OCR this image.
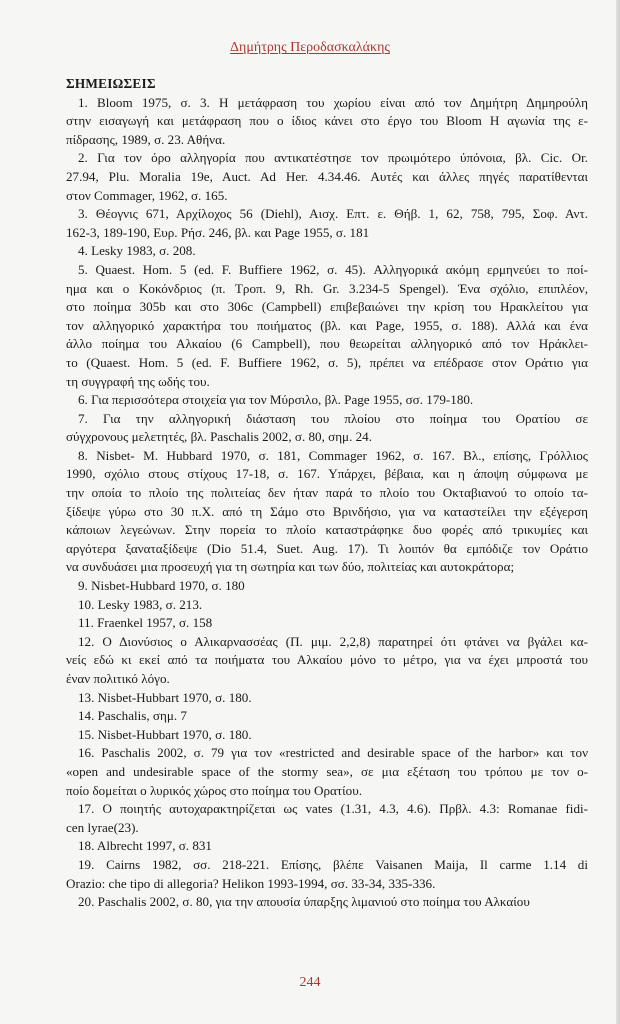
Δημήτρης Περοδασκαλάκης
ΣΗΜΕΙΩΣΕΙΣ
1. Bloom 1975, σ. 3. Η μετάφραση του χωρίου είναι από τον Δημήτρη Δημηρούλη
στην εισαγωγή και μετάφραση που ο ίδιος κάνει στο έργο του Bloom Η αγωνία της ε-
πίδρασης, 1989, σ. 23. Αθήνα.
2. Για τον όρο αλληγορία που αντικατέστησε τον πρωιμότερο ύπόνοια, βλ. Cic. Or.
27.94, Plu. Moralia 19e, Auct. Ad Her. 4.34.46. Αυτές και άλλες πηγές παρατίθενται
στον Commager, 1962, σ. 165.
3. Θέογνις 671, Αρχίλοχος 56 (Diehl), Αισχ. Επτ. ε. Θήβ. 1, 62, 758, 795, Σοφ. Αντ.
162-3, 189-190, Ευρ. Ρήσ. 246, βλ. και Page 1955, σ. 181
4. Lesky 1983, σ. 208.
5. Quaest. Hom. 5 (ed. F. Buffiere 1962, σ. 45). Αλληγορικά ακόμη ερμηνεύει το ποί-
ημα και ο Κοκόνδριος (π. Τροπ. 9, Rh. Gr. 3.234-5 Spengel). Ένα σχόλιο, επιπλέον,
στο ποίημα 305b και στο 306c (Campbell) επιβεβαιώνει την κρίση του Ηρακλείτου για
τον αλληγορικό χαρακτήρα του ποιήματος (βλ. και Page, 1955, σ. 188). Αλλά και ένα
άλλο ποίημα του Αλκαίου (6 Campbell), που θεωρείται αλληγορικό από τον Ηράκλει-
το (Quaest. Hom. 5 (ed. F. Buffiere 1962, σ. 5), πρέπει να επέδρασε στον Οράτιο για
τη συγγραφή της ωδής του.
6. Για περισσότερα στοιχεία για τον Μύρσιλο, βλ. Page 1955, σσ. 179-180.
7. Για την αλληγορική διάσταση του πλοίου στο ποίημα του Ορατίου σε
σύγχρονους μελετητές, βλ. Paschalis 2002, σ. 80, σημ. 24.
8. Nisbet- M. Hubbard 1970, σ. 181, Commager 1962, σ. 167. Βλ., επίσης, Γρόλλιος
1990, σχόλιο στους στίχους 17-18, σ. 167. Υπάρχει, βέβαια, και η άποψη σύμφωνα με
την οποία το πλοίο της πολιτείας δεν ήταν παρά το πλοίο του Οκταβιανού το οποίο τα-
ξίδεψε γύρω στο 30 π.Χ. από τη Σάμο στο Βρινδήσιο, για να καταστείλει την εξέγερση
κάποιων λεγεώνων. Στην πορεία το πλοίο καταστράφηκε δυο φορές από τρικυμίες και
αργότερα ξαναταξίδεψε (Dio 51.4, Suet. Aug. 17). Τι λοιπόν θα εμπόδιζε τον Οράτιο
να συνδυάσει μια προσευχή για τη σωτηρία και των δύο, πολιτείας και αυτοκράτορα;
9. Nisbet-Hubbard 1970, σ. 180
10. Lesky 1983, σ. 213.
11. Fraenkel 1957, σ. 158
12. Ο Διονύσιος ο Αλικαρνασσέας (Π. μιμ. 2,2,8) παρατηρεί ότι φτάνει να βγάλει κα-
νείς εδώ κι εκεί από τα ποιήματα του Αλκαίου μόνο το μέτρο, για να έχει μπροστά του
έναν πολιτικό λόγο.
13. Nisbet-Hubbart 1970, σ. 180.
14. Paschalis, σημ. 7
15. Nisbet-Hubbart 1970, σ. 180.
16. Paschalis 2002, σ. 79 για τον «restricted and desirable space of the harbor» και τον
«open and undesirable space of the stormy sea», σε μια εξέταση του τρόπου με τον ο-
ποίο δομείται ο λυρικός χώρος στο ποίημα του Ορατίου.
17. Ο ποιητής αυτοχαρακτηρίζεται ως vates (1.31, 4.3, 4.6). Πρβλ. 4.3: Romanae fidi-
cen lyrae(23).
18. Albrecht 1997, σ. 831
19. Cairns 1982, σσ. 218-221. Επίσης, βλέπε Vaisanen Maija, Il carme 1.14 di
Orazio: che tipo di allegoria? Helikon 1993-1994, σσ. 33-34, 335-336.
20. Paschalis 2002, σ. 80, για την απουσία ύπαρξης λιμανιού στο ποίημα του Αλκαίου
244
